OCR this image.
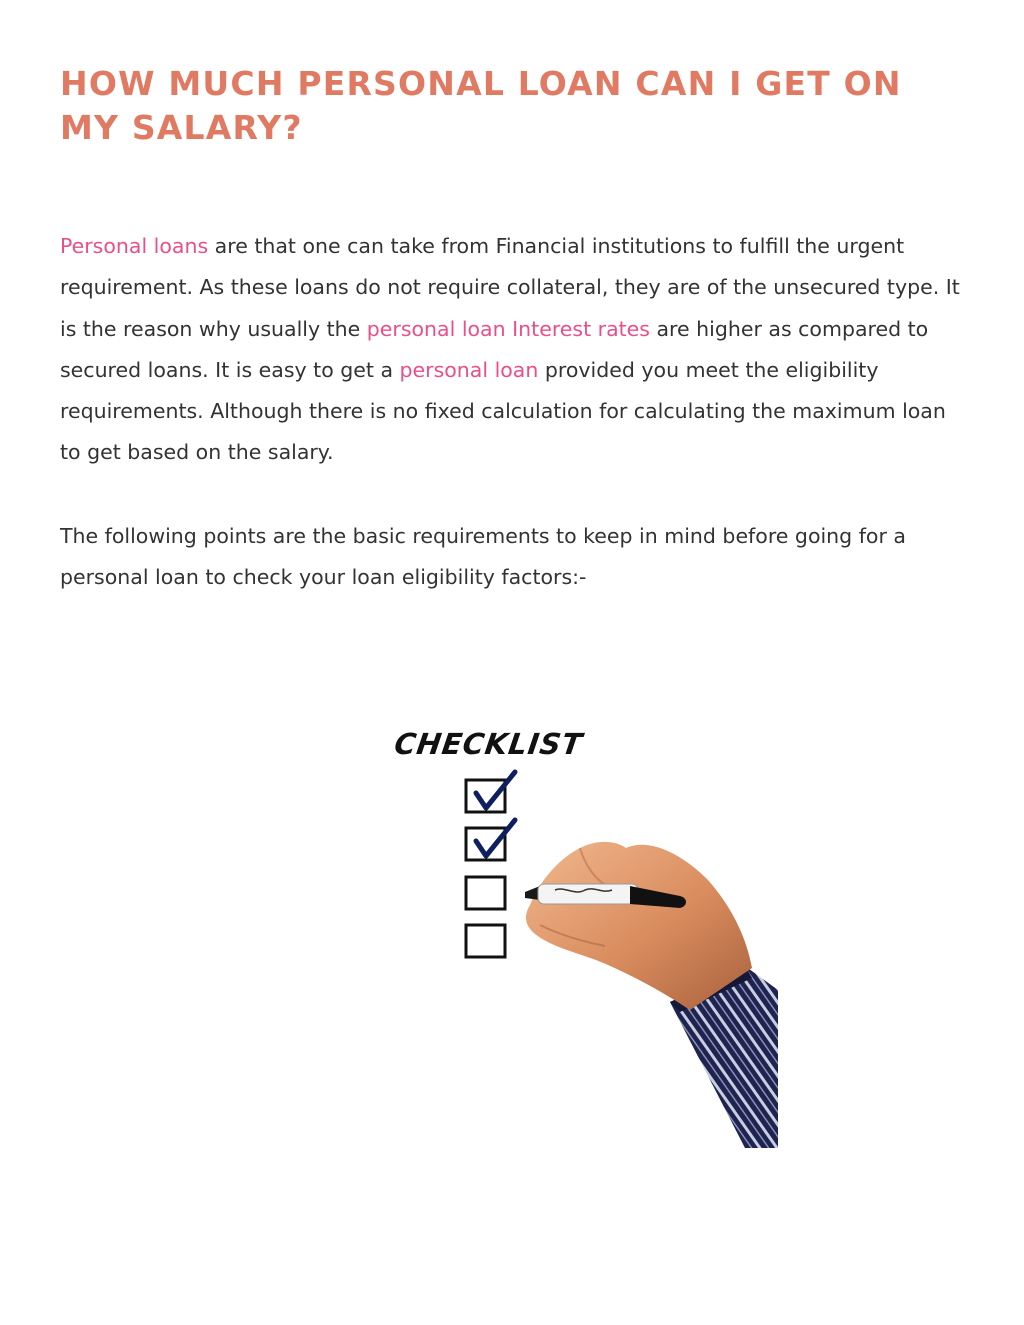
HOW MUCH PERSONAL LOAN CAN I GET ON MY SALARY?

Personal loans are that one can take from Financial institutions to fulfill the urgent requirement. As these loans do not require collateral, they are of the unsecured type. It is the reason why usually the personal loan Interest rates are higher as compared to secured loans. It is easy to get a personal loan provided you meet the eligibility requirements. Although there is no fixed calculation for calculating the maximum loan to get based on the salary.

The following points are the basic requirements to keep in mind before going for a personal loan to check your loan eligibility factors:-

CHECKLIST
